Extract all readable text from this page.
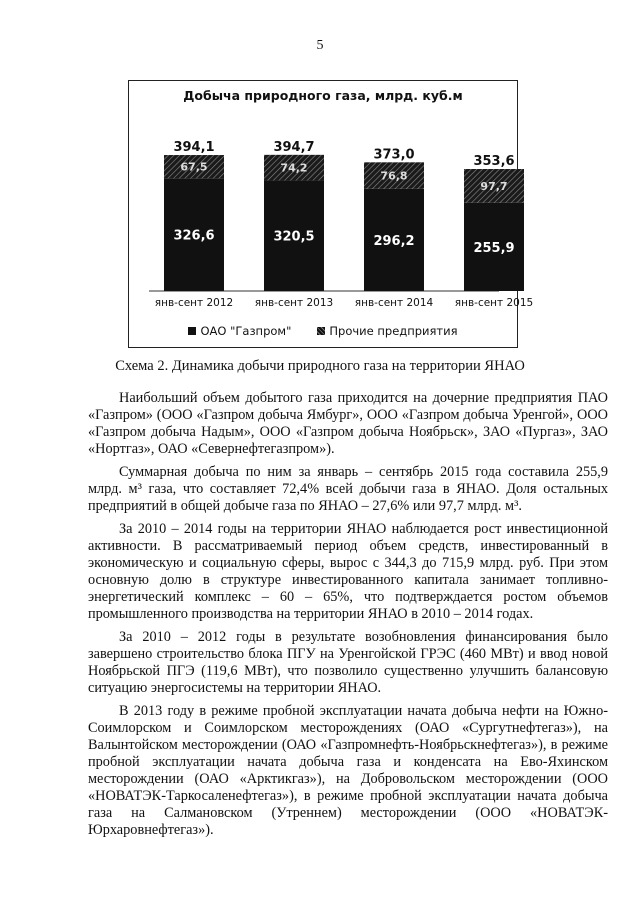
5
Добыча природного газа, млрд. куб.м
326,6
67,5
394,1
янв-сент 2012
320,5
74,2
394,7
янв-сент 2013
296,2
76,8
373,0
янв-сент 2014
255,9
97,7
353,6
янв-сент 2015
ОАО "Газпром"	Прочие предприятия
Схема 2. Динамика добычи природного газа на территории ЯНАО

Наибольший объем добытого газа приходится на дочерние предприятия ПАО «Газпром» (ООО «Газпром добыча Ямбург», ООО «Газпром добыча Уренгой», ООО «Газпром добыча Надым», ООО «Газпром добыча Ноябрьск», ЗАО «Пургаз», ЗАО «Нортгаз», ОАО «Севернефтегазпром»).

Суммарная добыча по ним за январь – сентябрь 2015 года составила 255,9 млрд. м³ газа, что составляет 72,4% всей добычи газа в ЯНАО. Доля остальных предприятий в общей добыче газа по ЯНАО – 27,6% или 97,7 млрд. м³.

За 2010 – 2014 годы на территории ЯНАО наблюдается рост инвестиционной активности. В рассматриваемый период объем средств, инвестированный в экономическую и социальную сферы, вырос с 344,3 до 715,9 млрд. руб. При этом основную долю в структуре инвестированного капитала занимает топливно-энергетический комплекс – 60 – 65%, что подтверждается ростом объемов промышленного производства на территории ЯНАО в 2010 – 2014 годах.

За 2010 – 2012 годы в результате возобновления финансирования было завершено строительство блока ПГУ на Уренгойской ГРЭС (460 МВт) и ввод новой Ноябрьской ПГЭ (119,6 МВт), что позволило существенно улучшить балансовую ситуацию энергосистемы на территории ЯНАО.

В 2013 году в режиме пробной эксплуатации начата добыча нефти на Южно-Соимлорском и Соимлорском месторождениях (ОАО «Сургутнефтегаз»), на Валынтойском месторождении (ОАО «Газпромнефть-Ноябрьскнефтегаз»), в режиме пробной эксплуатации начата добыча газа и конденсата на Ево-Яхинском месторождении (ОАО «Арктикгаз»), на Добровольском месторождении (ООО «НОВАТЭК-Таркосаленефтегаз»), в режиме пробной эксплуатации начата добыча газа на Салмановском (Утреннем) месторождении (ООО «НОВАТЭК-Юрхаровнефтегаз»).
